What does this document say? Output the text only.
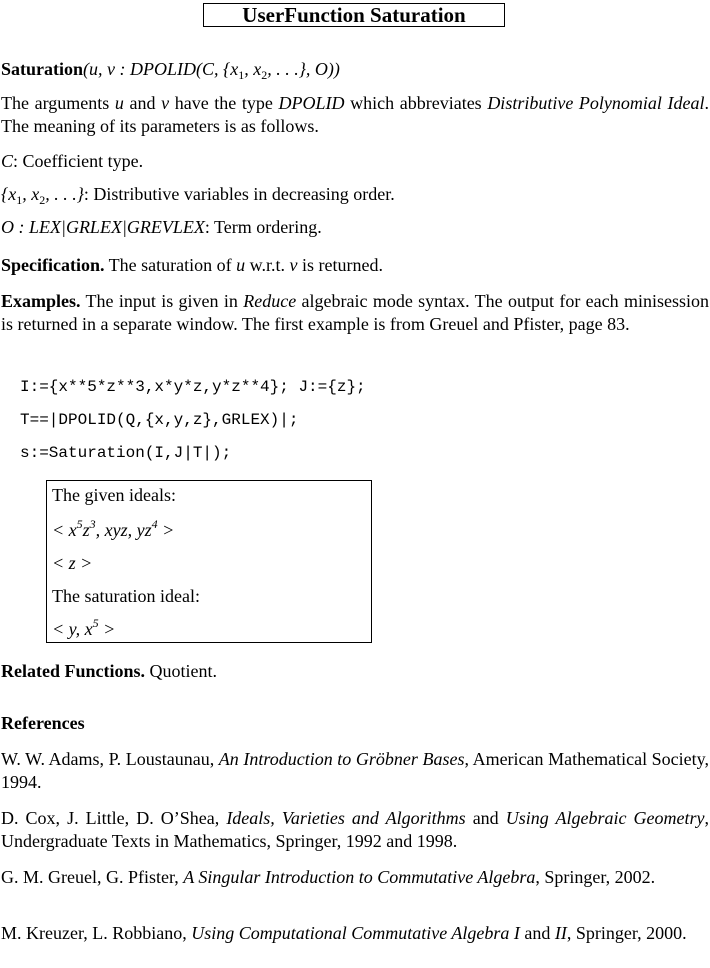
UserFunction Saturation
Saturation(u, v : DPOLID(C, {$x_1$, $x_2$, . . .}, O))
The arguments u and v have the type DPOLID which abbreviates Distributive Polynomial Ideal. The meaning of its parameters is as follows.
C: Coefficient type.
{$x_1$, $x_2$, . . .}: Distributive variables in decreasing order.
O : LEX|GRLEX|GREVLEX: Term ordering.
Specification. The saturation of u w.r.t. v is returned.
Examples. The input is given in Reduce algebraic mode syntax. The output for each minisession is returned in a separate window. The first example is from Greuel and Pfister, page 83.
I:={x**5*z**3,x*y*z,y*z**4}; J:={z};
T==|DPOLID(Q,{x,y,z},GRLEX)|;
s:=Saturation(I,J|T|);
The given ideals:
< $x^5z^3$, xyz, $yz^4$ >
< z >
The saturation ideal:
< y, $x^5$ >
Related Functions. Quotient.
References
W. W. Adams, P. Loustaunau, An Introduction to Gröbner Bases, American Mathematical Society, 1994.
D. Cox, J. Little, D. O’Shea, Ideals, Varieties and Algorithms and Using Algebraic Geometry, Undergraduate Texts in Mathematics, Springer, 1992 and 1998.
G. M. Greuel, G. Pfister, A Singular Introduction to Commutative Algebra, Springer, 2002.
M. Kreuzer, L. Robbiano, Using Computational Commutative Algebra I and II, Springer, 2000.
